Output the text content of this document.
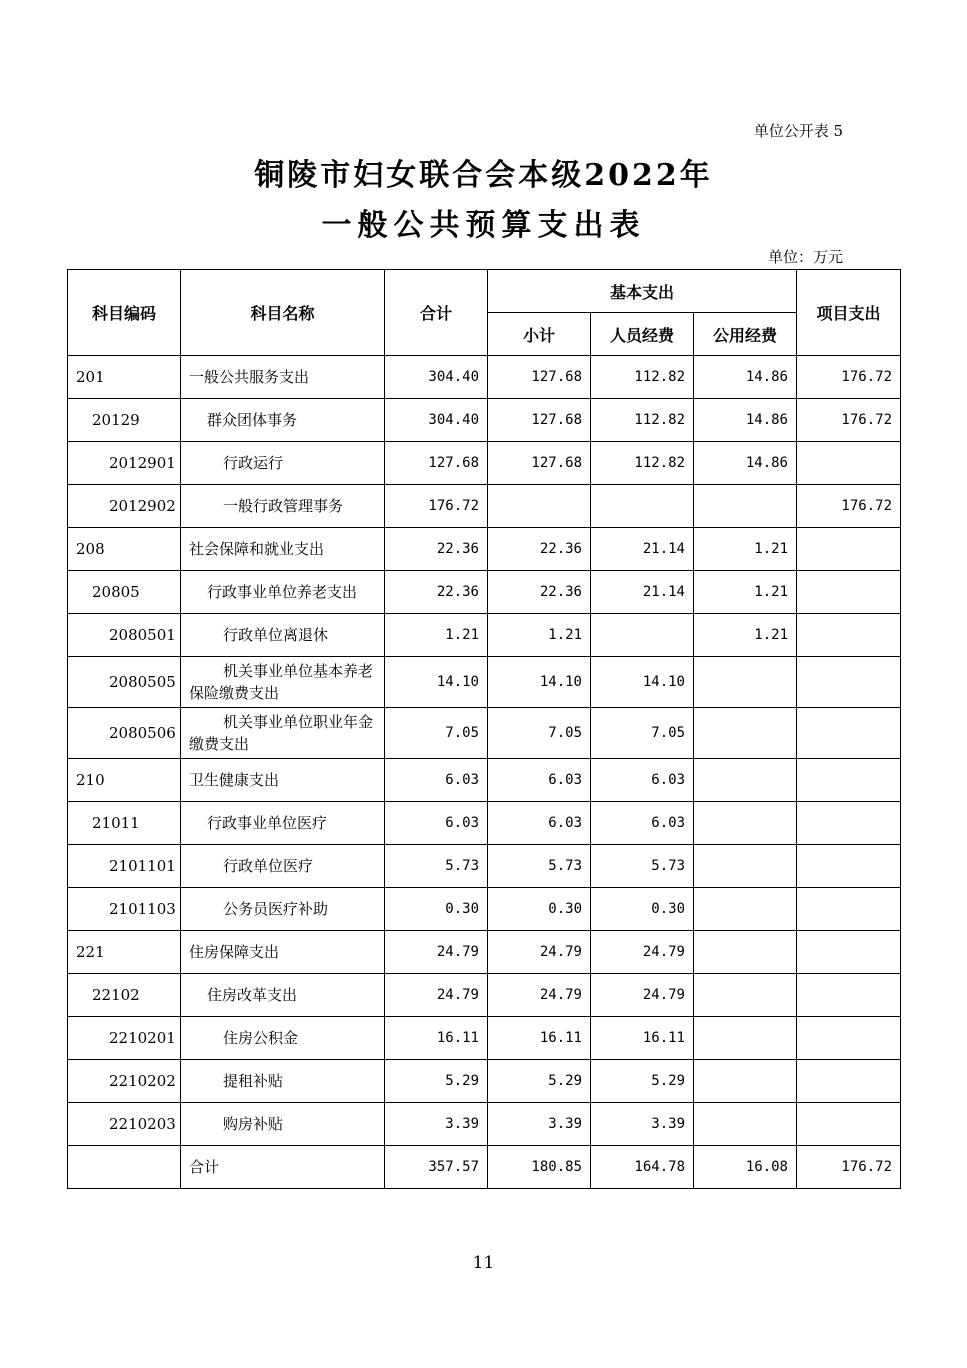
单位公开表 5
铜陵市妇女联合会本级2022年
一般公共预算支出表
单位：万元
科目编码	科目名称	合计	基本支出			项目支出
			小计	人员经费	公用经费	
201	一般公共服务支出	304.40	127.68	112.82	14.86	176.72
20129	群众团体事务	304.40	127.68	112.82	14.86	176.72
2012901	行政运行	127.68	127.68	112.82	14.86	
2012902	一般行政管理事务	176.72				176.72
208	社会保障和就业支出	22.36	22.36	21.14	1.21	
20805	行政事业单位养老支出	22.36	22.36	21.14	1.21	
2080501	行政单位离退休	1.21	1.21		1.21	
2080505	机关事业单位基本养老保险缴费支出	14.10	14.10	14.10		
2080506	机关事业单位职业年金缴费支出	7.05	7.05	7.05		
210	卫生健康支出	6.03	6.03	6.03		
21011	行政事业单位医疗	6.03	6.03	6.03		
2101101	行政单位医疗	5.73	5.73	5.73		
2101103	公务员医疗补助	0.30	0.30	0.30		
221	住房保障支出	24.79	24.79	24.79		
22102	住房改革支出	24.79	24.79	24.79		
2210201	住房公积金	16.11	16.11	16.11		
2210202	提租补贴	5.29	5.29	5.29		
2210203	购房补贴	3.39	3.39	3.39		
	合计	357.57	180.85	164.78	16.08	176.72
11
